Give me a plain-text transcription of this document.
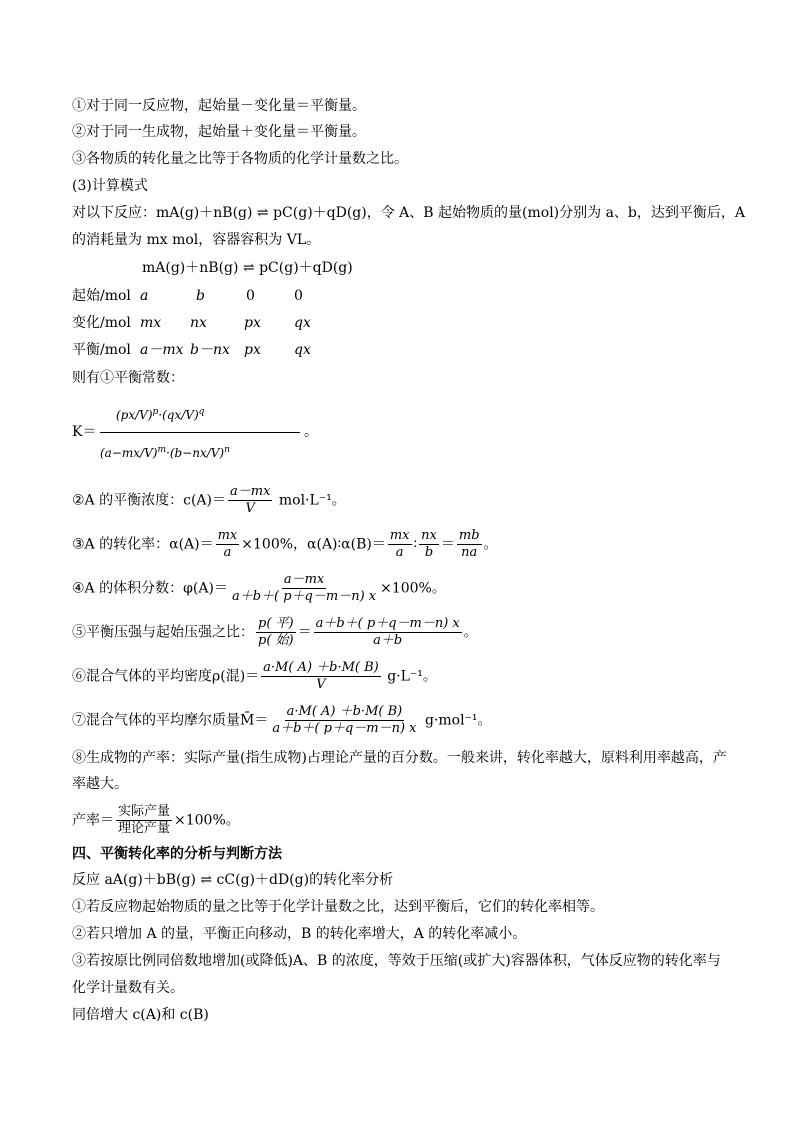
①对于同一反应物，起始量－变化量＝平衡量。
②对于同一生成物，起始量＋变化量＝平衡量。
③各物质的转化量之比等于各物质的化学计量数之比。
(3)计算模式
对以下反应：mA(g)＋nB(g) ⇌ pC(g)＋qD(g)，令 A、B 起始物质的量(mol)分别为 a、b，达到平衡后，A
的消耗量为 mx mol，容器容积为 VL。
mA(g)＋nB(g) ⇌ pC(g)＋qD(g)
起始/mol a	b	0	0
变化/mol mx nx	px qx
平衡/mol a－mx b－nx px qx
则有①平衡常数：
K＝
$(px/V)^p\cdot(qx/V)^q$
$(a-mx/V)^m\cdot(b-nx/V)^n$
。
②A 的平衡浓度：$c(A)= \frac{a-mx}{V} mol\cdot L^{-1}$。
③A 的转化率：$\alpha(A)= \frac{mx}{a} \times 100\%$，α(A)∶α(B)＝ $\frac{mx}{a}$ ∶ $\frac{nx}{b} = \frac{mb}{na}$ 。
④A 的体积分数：$\varphi(A)= \frac{a-mx}{a+b+( p+q-m-n) x} \times 100\%$。
⑤平衡压强与起始压强之比：
p( 平)
p( 始) ＝ $\frac{a+b+( p+q-m-n) x}{a+b}$ 。
⑥混合气体的平均密度ρ(混)＝ $\frac{a\cdot M( A) +b\cdot M( B)}{V} g\cdot L^{-1}$。
⑦混合气体的平均摩尔质量M̄＝ $\frac{a\cdot M( A) +b\cdot M( B)}{a+b+( p+q-m-n) x} g\cdot mol^{-1}$。
⑧生成物的产率：实际产量(指生成物)占理论产量的百分数。一般来讲，转化率越大，原料利用率越高，产
率越大。
产率＝
实际产量
理论产量 ×100%。
四、平衡转化率的分析与判断方法
反应 aA(g)＋bB(g) ⇌ cC(g)＋dD(g)的转化率分析
①若反应物起始物质的量之比等于化学计量数之比，达到平衡后，它们的转化率相等。
②若只增加 A 的量，平衡正向移动，B 的转化率增大，A 的转化率减小。
③若按原比例同倍数地增加(或降低)A、B 的浓度，等效于压缩(或扩大)容器体积，气体反应物的转化率与
化学计量数有关。
同倍增大 c(A)和 c(B)
